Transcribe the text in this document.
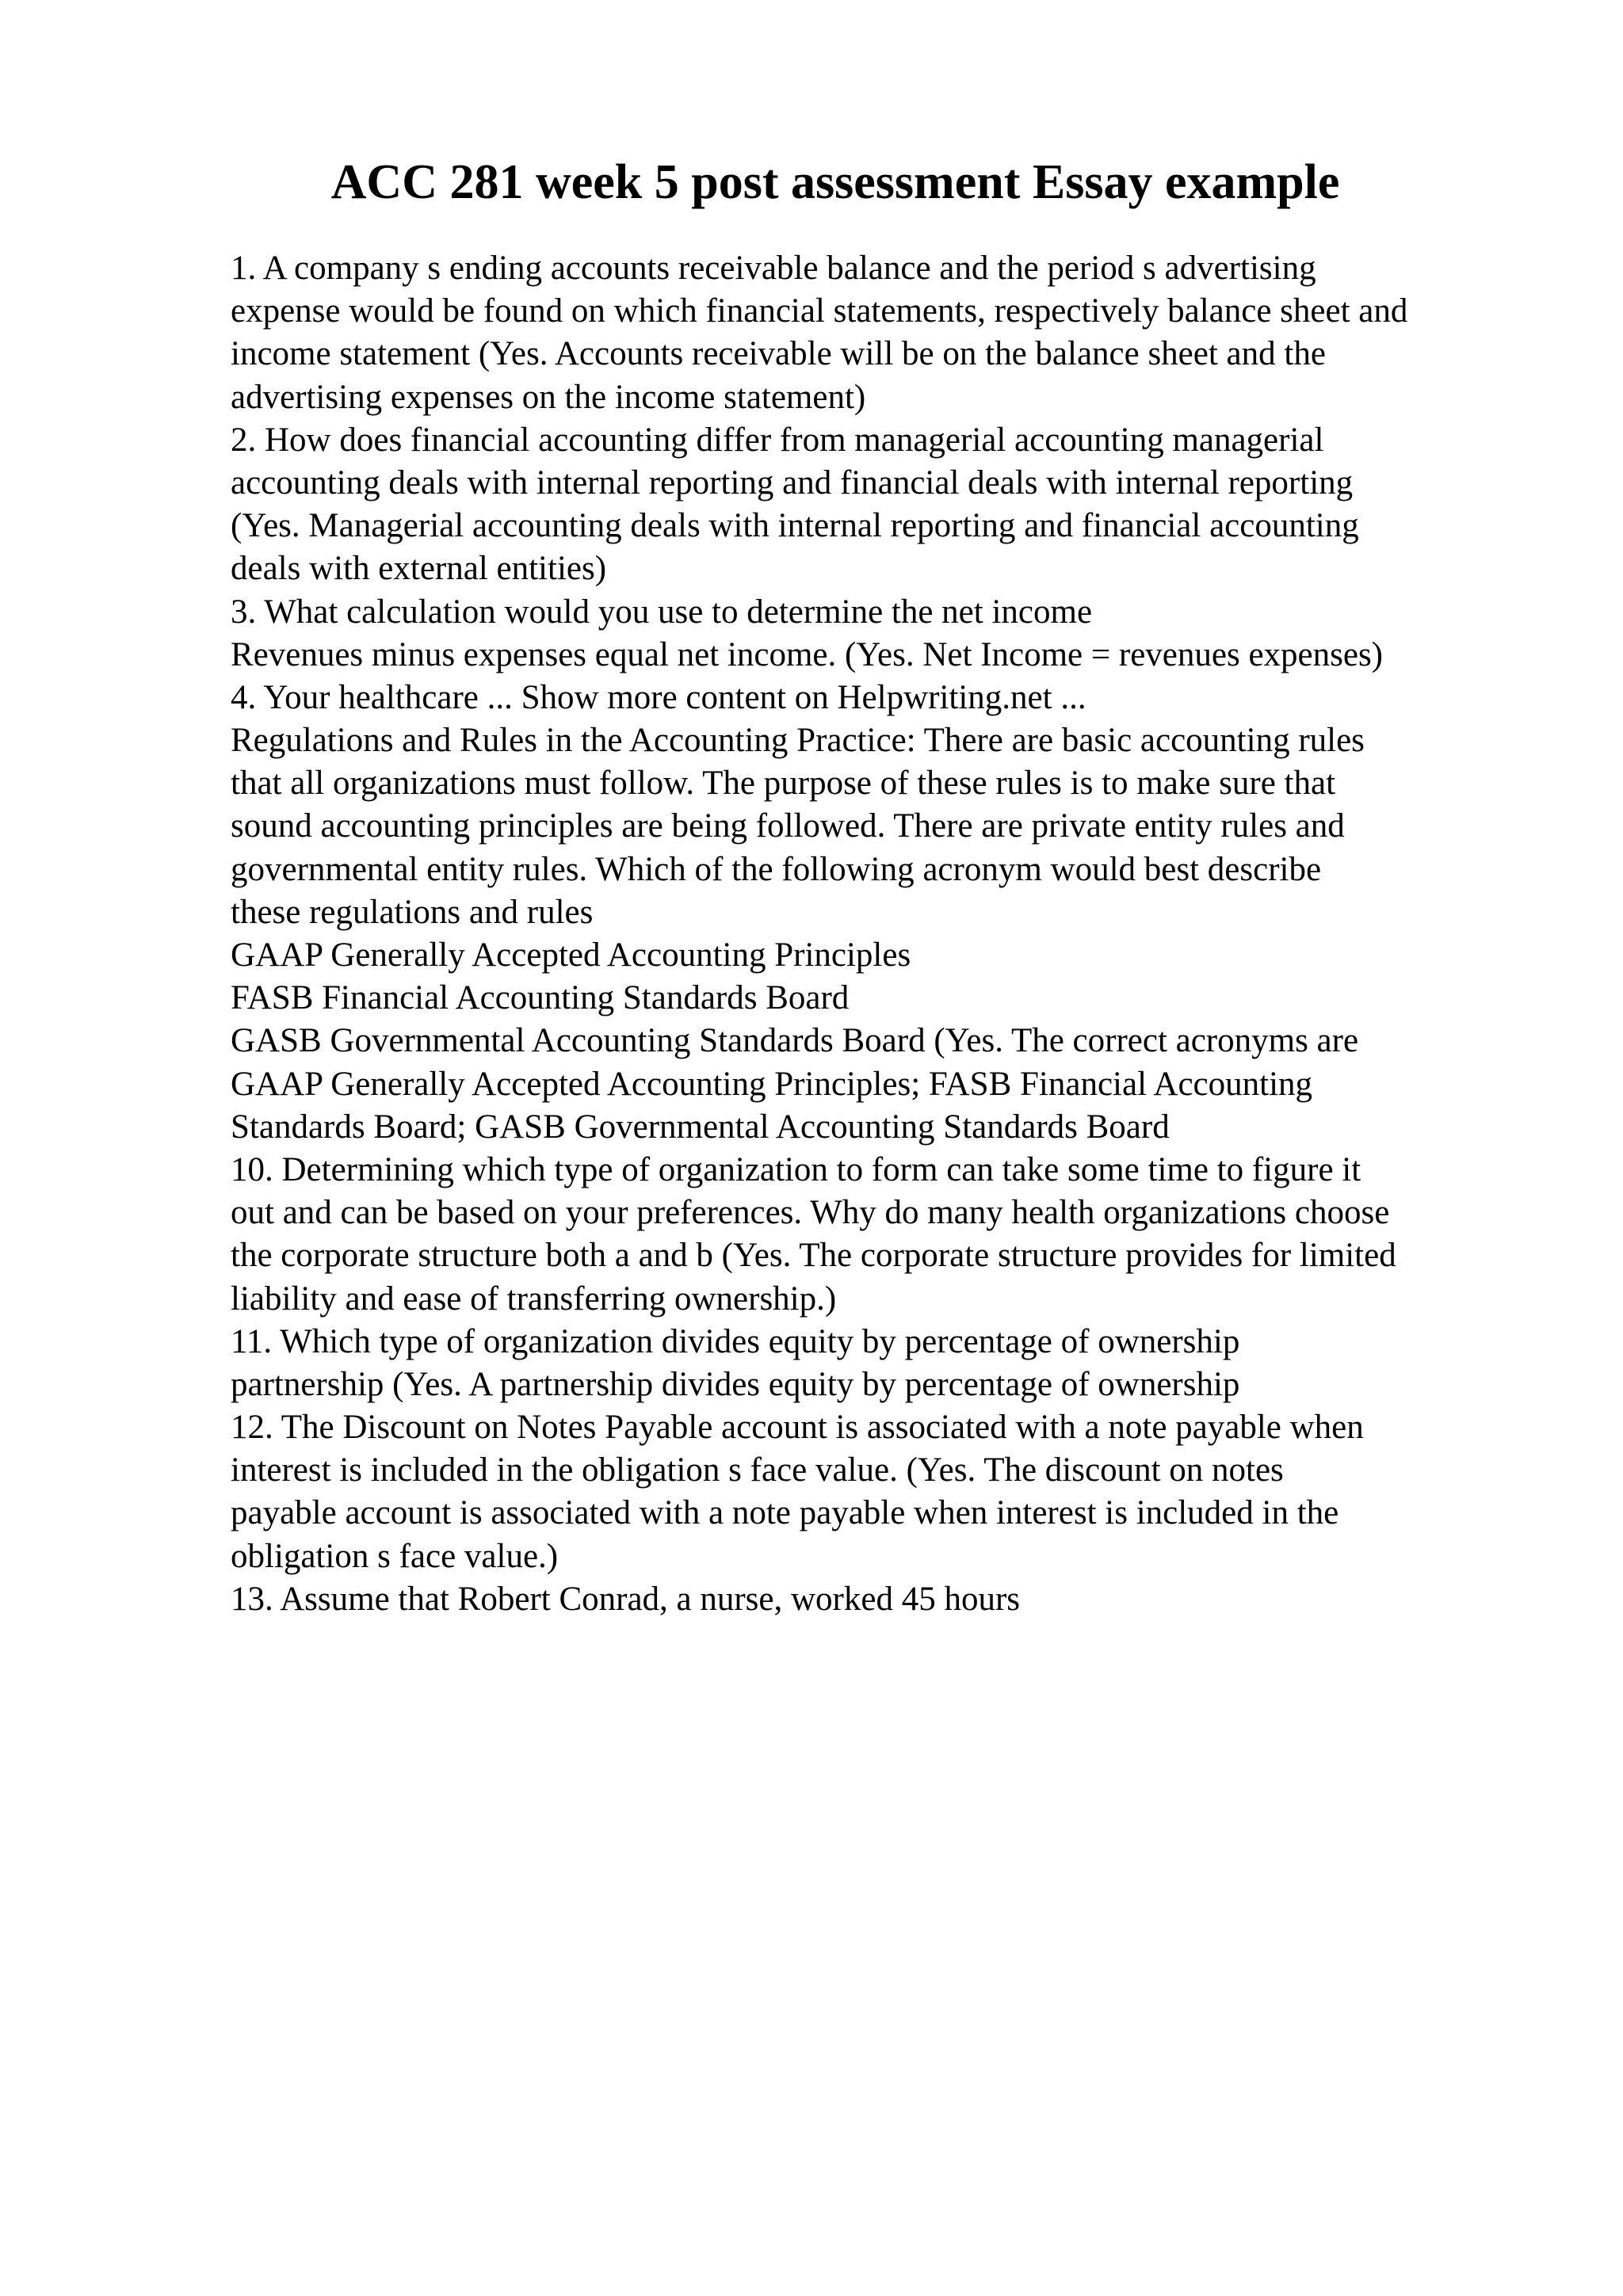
ACC 281 week 5 post assessment Essay example
1. A company s ending accounts receivable balance and the period s advertising
expense would be found on which financial statements, respectively balance sheet and
income statement (Yes. Accounts receivable will be on the balance sheet and the
advertising expenses on the income statement)
2. How does financial accounting differ from managerial accounting managerial
accounting deals with internal reporting and financial deals with internal reporting
(Yes. Managerial accounting deals with internal reporting and financial accounting
deals with external entities)
3. What calculation would you use to determine the net income
Revenues minus expenses equal net income. (Yes. Net Income = revenues expenses)
4. Your healthcare ... Show more content on Helpwriting.net ...
Regulations and Rules in the Accounting Practice: There are basic accounting rules
that all organizations must follow. The purpose of these rules is to make sure that
sound accounting principles are being followed. There are private entity rules and
governmental entity rules. Which of the following acronym would best describe
these regulations and rules
GAAP Generally Accepted Accounting Principles
FASB Financial Accounting Standards Board
GASB Governmental Accounting Standards Board (Yes. The correct acronyms are
GAAP Generally Accepted Accounting Principles; FASB Financial Accounting
Standards Board; GASB Governmental Accounting Standards Board
10. Determining which type of organization to form can take some time to figure it
out and can be based on your preferences. Why do many health organizations choose
the corporate structure both a and b (Yes. The corporate structure provides for limited
liability and ease of transferring ownership.)
11. Which type of organization divides equity by percentage of ownership
partnership (Yes. A partnership divides equity by percentage of ownership
12. The Discount on Notes Payable account is associated with a note payable when
interest is included in the obligation s face value. (Yes. The discount on notes
payable account is associated with a note payable when interest is included in the
obligation s face value.)
13. Assume that Robert Conrad, a nurse, worked 45 hours
